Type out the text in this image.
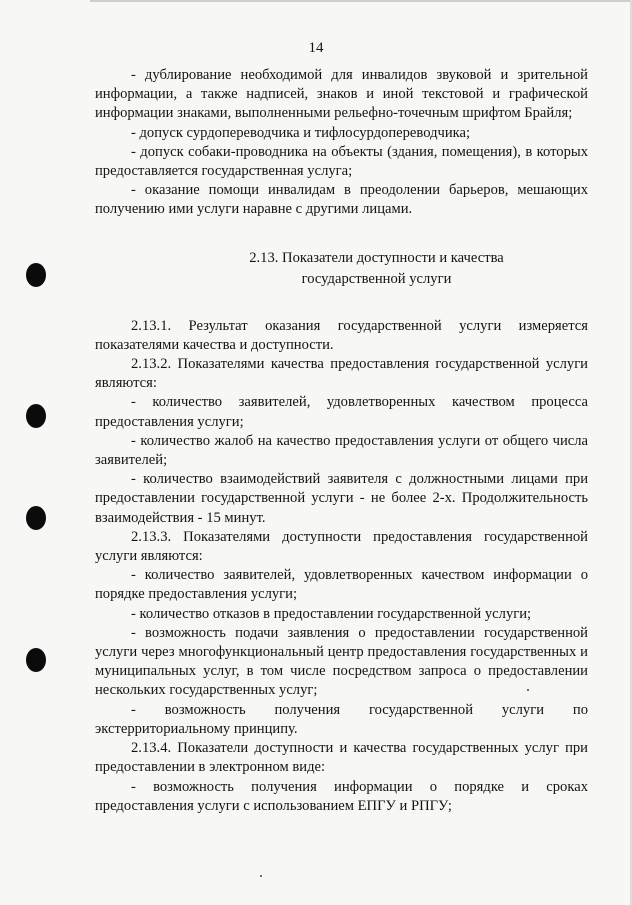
14

- дублирование необходимой для инвалидов звуковой и зрительной информации, а также надписей, знаков и иной текстовой и графической информации знаками, выполненными рельефно-точечным шрифтом Брайля;

- допуск сурдопереводчика и тифлосурдопереводчика;

- допуск собаки-проводника на объекты (здания, помещения), в которых предоставляется государственная услуга;

- оказание помощи инвалидам в преодолении барьеров, мешающих получению ими услуги наравне с другими лицами.

2.13. Показатели доступности и качества
государственной услуги

2.13.1. Результат оказания государственной услуги измеряется показателями качества и доступности.

2.13.2. Показателями качества предоставления государственной услуги являются:

- количество заявителей, удовлетворенных качеством процесса предоставления услуги;

- количество жалоб на качество предоставления услуги от общего числа заявителей;

- количество взаимодействий заявителя с должностными лицами при предоставлении государственной услуги - не более 2-х. Продолжительность взаимодействия - 15 минут.

2.13.3. Показателями доступности предоставления государственной услуги являются:

- количество заявителей, удовлетворенных качеством информации о порядке предоставления услуги;

- количество отказов в предоставлении государственной услуги;

- возможность подачи заявления о предоставлении государственной услуги через многофункциональный центр предоставления государственных и муниципальных услуг, в том числе посредством запроса о предоставлении нескольких государственных услуг;

- возможность получения государственной услуги по экстерриториальному принципу.

2.13.4. Показатели доступности и качества государственных услуг при предоставлении в электронном виде:

- возможность получения информации о порядке и сроках предоставления услуги с использованием ЕПГУ и РПГУ;
